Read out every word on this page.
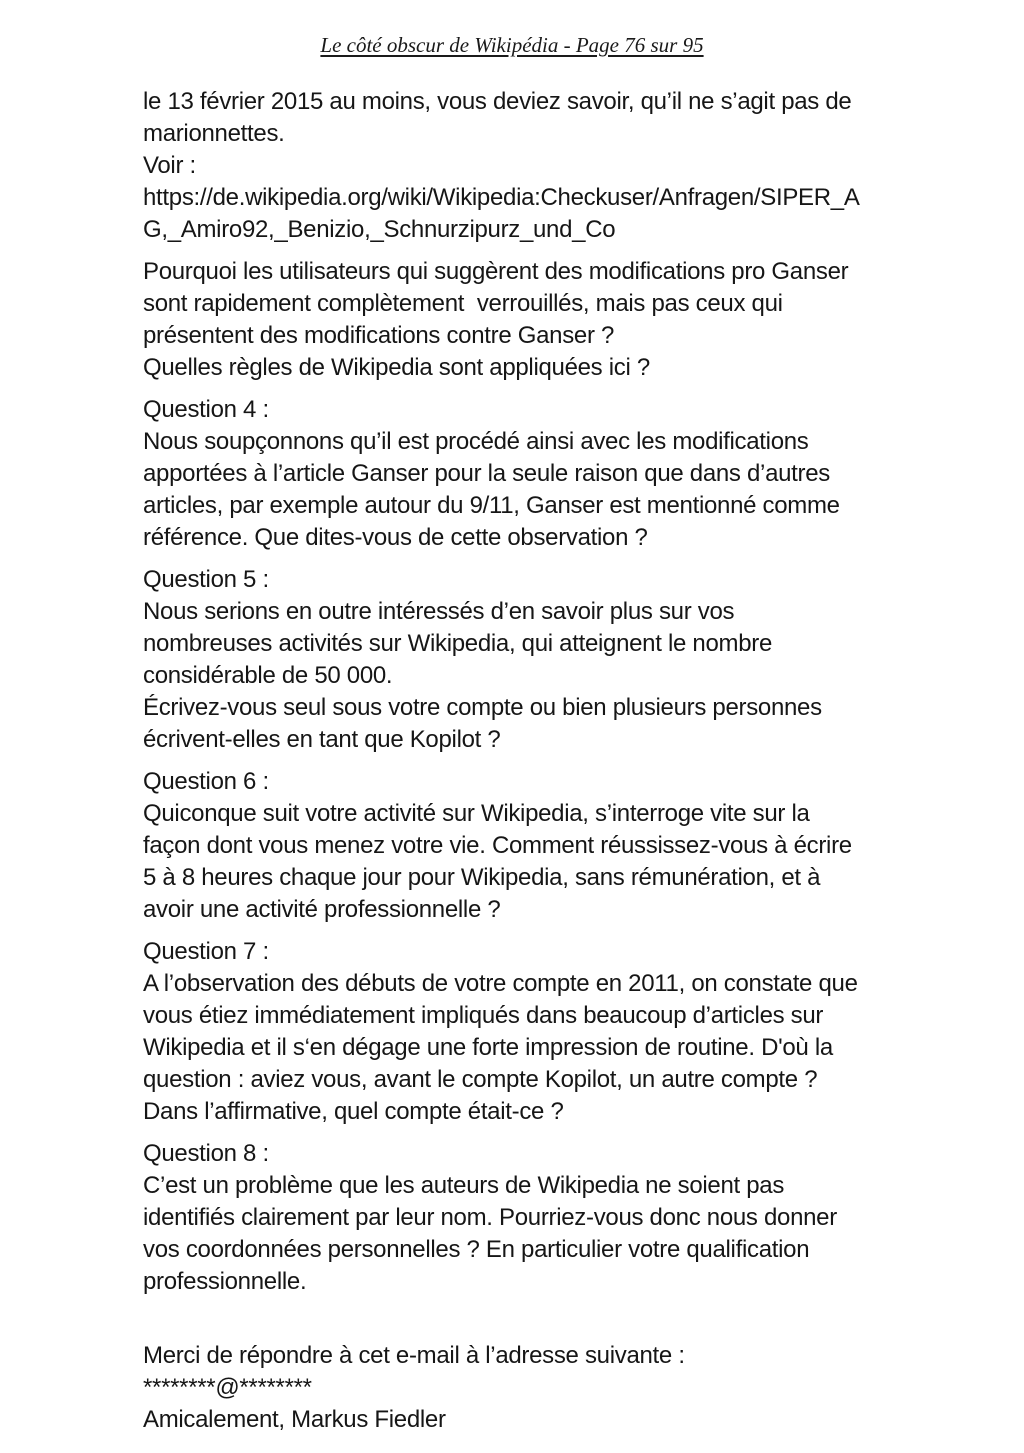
Le côté obscur de Wikipédia - Page 76 sur 95
le 13 février 2015 au moins, vous deviez savoir, qu’il ne s’agit pas de
marionnettes.
Voir :
https://de.wikipedia.org/wiki/Wikipedia:Checkuser/Anfragen/SIPER_A
G,_Amiro92,_Benizio,_Schnurzipurz_und_Co
Pourquoi les utilisateurs qui suggèrent des modifications pro Ganser
sont rapidement complètement  verrouillés, mais pas ceux qui
présentent des modifications contre Ganser ?
Quelles règles de Wikipedia sont appliquées ici ?
Question 4 :
Nous soupçonnons qu’il est procédé ainsi avec les modifications
apportées à l’article Ganser pour la seule raison que dans d’autres
articles, par exemple autour du 9/11, Ganser est mentionné comme
référence. Que dites-vous de cette observation ?
Question 5 :
Nous serions en outre intéressés d’en savoir plus sur vos
nombreuses activités sur Wikipedia, qui atteignent le nombre
considérable de 50 000.
Écrivez-vous seul sous votre compte ou bien plusieurs personnes
écrivent-elles en tant que Kopilot ?
Question 6 :
Quiconque suit votre activité sur Wikipedia, s’interroge vite sur la
façon dont vous menez votre vie. Comment réussissez-vous à écrire
5 à 8 heures chaque jour pour Wikipedia, sans rémunération, et à
avoir une activité professionnelle ?
Question 7 :
A l’observation des débuts de votre compte en 2011, on constate que
vous étiez immédiatement impliqués dans beaucoup d’articles sur
Wikipedia et il s‘en dégage une forte impression de routine. D'où la
question : aviez vous, avant le compte Kopilot, un autre compte ?
Dans l’affirmative, quel compte était-ce ?
Question 8 :
C’est un problème que les auteurs de Wikipedia ne soient pas
identifiés clairement par leur nom. Pourriez-vous donc nous donner
vos coordonnées personnelles ? En particulier votre qualification
professionnelle.
Merci de répondre à cet e-mail à l’adresse suivante :
********@********
Amicalement, Markus Fiedler
